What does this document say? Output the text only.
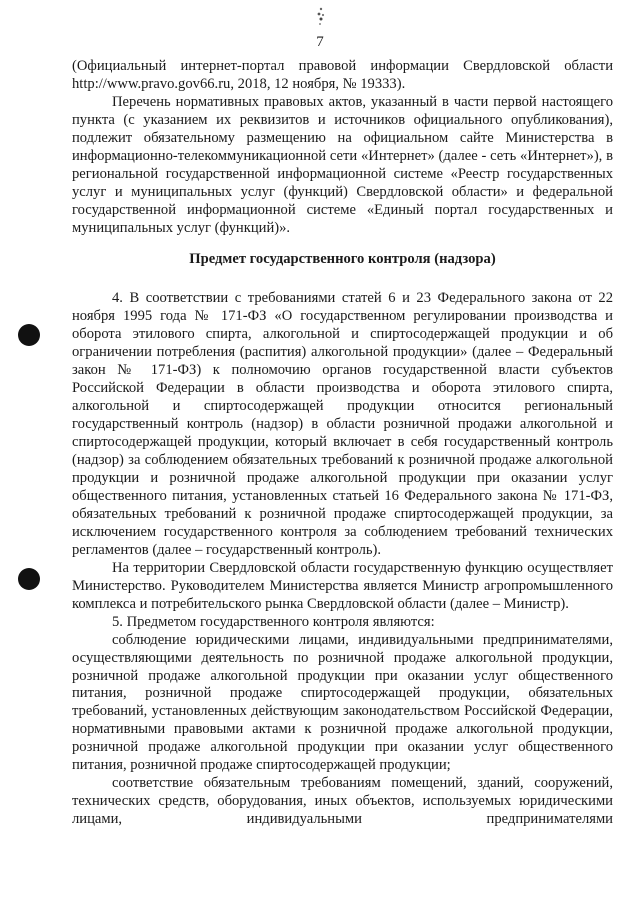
7

(Официальный интернет-портал правовой информации Свердловской области http://www.pravo.gov66.ru, 2018, 12 ноября, № 19333).

Перечень нормативных правовых актов, указанный в части первой настоящего пункта (с указанием их реквизитов и источников официального опубликования), подлежит обязательному размещению на официальном сайте Министерства в информационно-телекоммуникационной сети «Интернет» (далее - сеть «Интернет»), в региональной государственной информационной системе «Реестр государственных услуг и муниципальных услуг (функций) Свердловской области» и федеральной государственной информационной системе «Единый портал государственных и муниципальных услуг (функций)».

Предмет государственного контроля (надзора)

4. В соответствии с требованиями статей 6 и 23 Федерального закона от 22 ноября 1995 года № 171-ФЗ «О государственном регулировании производства и оборота этилового спирта, алкогольной и спиртосодержащей продукции и об ограничении потребления (распития) алкогольной продукции» (далее – Федеральный закон № 171-ФЗ) к полномочию органов государственной власти субъектов Российской Федерации в области производства и оборота этилового спирта, алкогольной и спиртосодержащей продукции относится региональный государственный контроль (надзор) в области розничной продажи алкогольной и спиртосодержащей продукции, который включает в себя государственный контроль (надзор) за соблюдением обязательных требований к розничной продаже алкогольной продукции и розничной продаже алкогольной продукции при оказании услуг общественного питания, установленных статьей 16 Федерального закона № 171-ФЗ, обязательных требований к розничной продаже спиртосодержащей продукции, за исключением государственного контроля за соблюдением требований технических регламентов (далее – государственный контроль).

На территории Свердловской области государственную функцию осуществляет Министерство. Руководителем Министерства является Министр агропромышленного комплекса и потребительского рынка Свердловской области (далее – Министр).

5. Предметом государственного контроля являются:

соблюдение юридическими лицами, индивидуальными предпринимателями, осуществляющими деятельность по розничной продаже алкогольной продукции, розничной продаже алкогольной продукции при оказании услуг общественного питания, розничной продаже спиртосодержащей продукции, обязательных требований, установленных действующим законодательством Российской Федерации, нормативными правовыми актами к розничной продаже алкогольной продукции, розничной продаже алкогольной продукции при оказании услуг общественного питания, розничной продаже спиртосодержащей продукции;

соответствие обязательным требованиям помещений, зданий, сооружений, технических средств, оборудования, иных объектов, используемых юридическими лицами, индивидуальными предпринимателями
